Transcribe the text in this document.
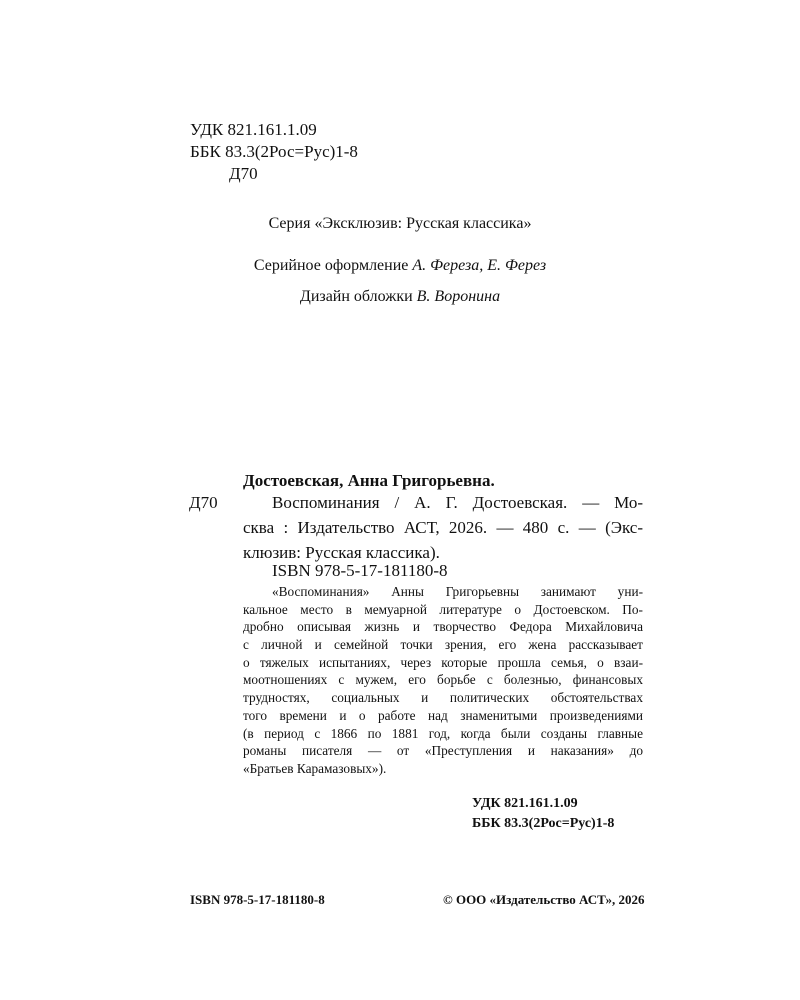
УДК 821.161.1.09
ББК 83.3(2Рос=Рус)1-8
Д70
Серия «Эксклюзив: Русская классика»
Серийное оформление А. Фереза, Е. Ферез
Дизайн обложки В. Воронина
Достоевская, Анна Григорьевна.
Д70	Воспоминания / А. Г. Достоевская. — Мо-
сква : Издательство АСТ, 2026. — 480 с. — (Экс-
клюзив: Русская классика).
ISBN 978-5-17-181180-8
«Воспоминания» Анны Григорьевны занимают уни-
кальное место в мемуарной литературе о Достоевском. По-
дробно описывая жизнь и творчество Федора Михайловича
с личной и семейной точки зрения, его жена рассказывает
о тяжелых испытаниях, через которые прошла семья, о взаи-
моотношениях с мужем, его борьбе с болезнью, финансовых
трудностях, социальных и политических обстоятельствах
того времени и о работе над знаменитыми произведениями
(в период с 1866 по 1881 год, когда были созданы главные
романы писателя — от «Преступления и наказания» до
«Братьев Карамазовых»).
УДК 821.161.1.09
ББК 83.3(2Рос=Рус)1-8
ISBN 978-5-17-181180-8	© ООО «Издательство АСТ», 2026
